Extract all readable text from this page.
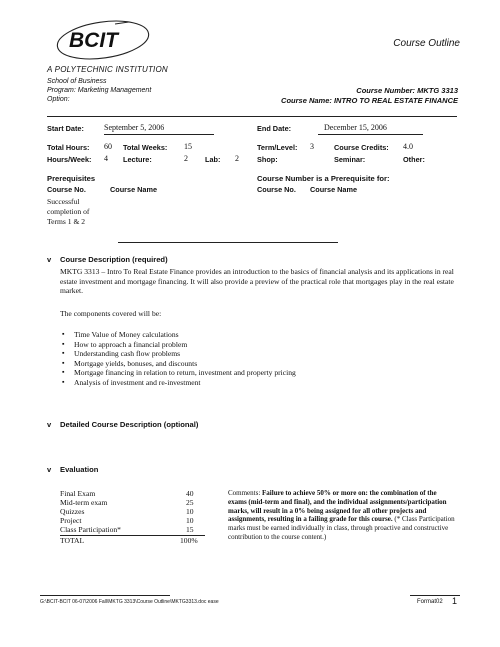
BCIT	Course Outline
A POLYTECHNIC INSTITUTION
School of Business
Program: Marketing Management
Option:
Course Number: MKTG 3313
Course Name: INTRO TO REAL ESTATE FINANCE
Start Date:	September 5, 2006	End Date:	December 15, 2006
Total Hours: 60 Total Weeks: 15	Term/Level: 3	Course Credits: 4.0
Hours/Week: 4 Lecture:	2 Lab: 2 Shop:	Seminar:	Other:
Prerequisites
Course No.	Course Name
Successful
completion of
Terms 1 & 2
Course Number is a Prerequisite for:
Course No. Course Name
v Course Description (required)
MKTG 3313 – Intro To Real Estate Finance provides an introduction to the basics of financial analysis and its applications in real estate investment and mortgage financing. It will also provide a preview of the practical role that mortgages play in the real estate market.
The components covered will be:
▪ Time Value of Money calculations
▪ How to approach a financial problem
▪ Understanding cash flow problems
▪ Mortgage yields, bonuses, and discounts
▪ Mortgage financing in relation to return, investment and property pricing
▪ Analysis of investment and re-investment
v Detailed Course Description (optional)
v Evaluation
Final Exam	40
Mid-term exam	25
Quizzes	10
Project	10
Class Participation*	15
TOTAL	100%
Comments: Failure to achieve 50% or more on: the combination of the exams (mid-term and final), and the individual assignments/participation marks, will result in a 0% being assigned for all other projects and assignments, resulting in a failing grade for this course. (* Class Participation marks must be earned individually in class, through proactive and constructive contribution to the course content.)
G:\BCIT-BCIT 06-07\2006 Fall\MKTG 3313\Course Outline\MKTG3313.doc ease	Format02 1
